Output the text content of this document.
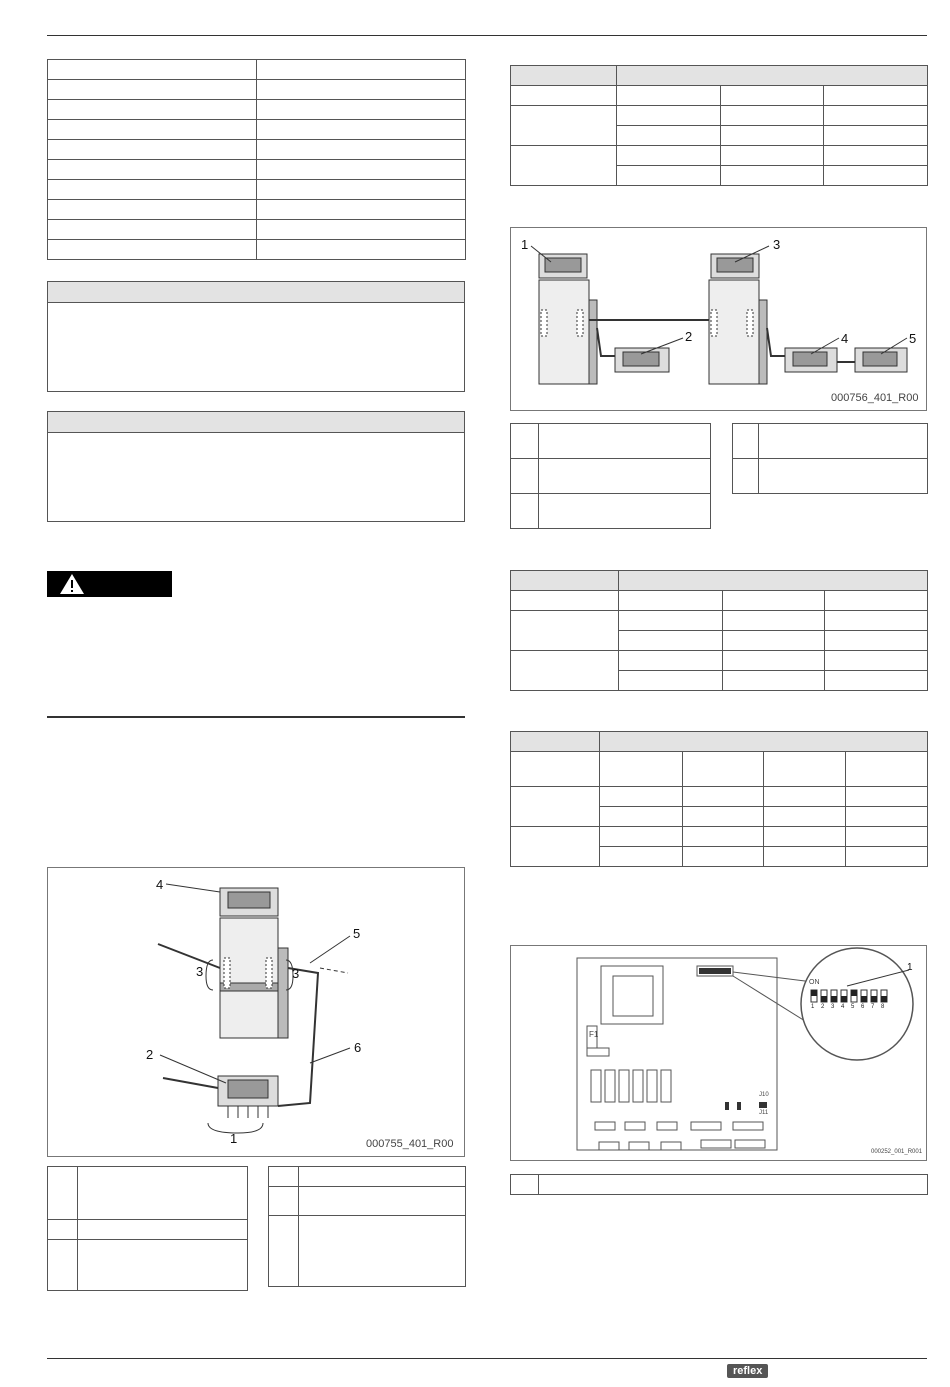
4
5
3	3
6
2
1	000755_401_R00

1	3
2	4	5
000756_401_R00

1
ON
F1
J10
J11
1	2	3	4	5	6	7	8
000252_001_R001

reflex
